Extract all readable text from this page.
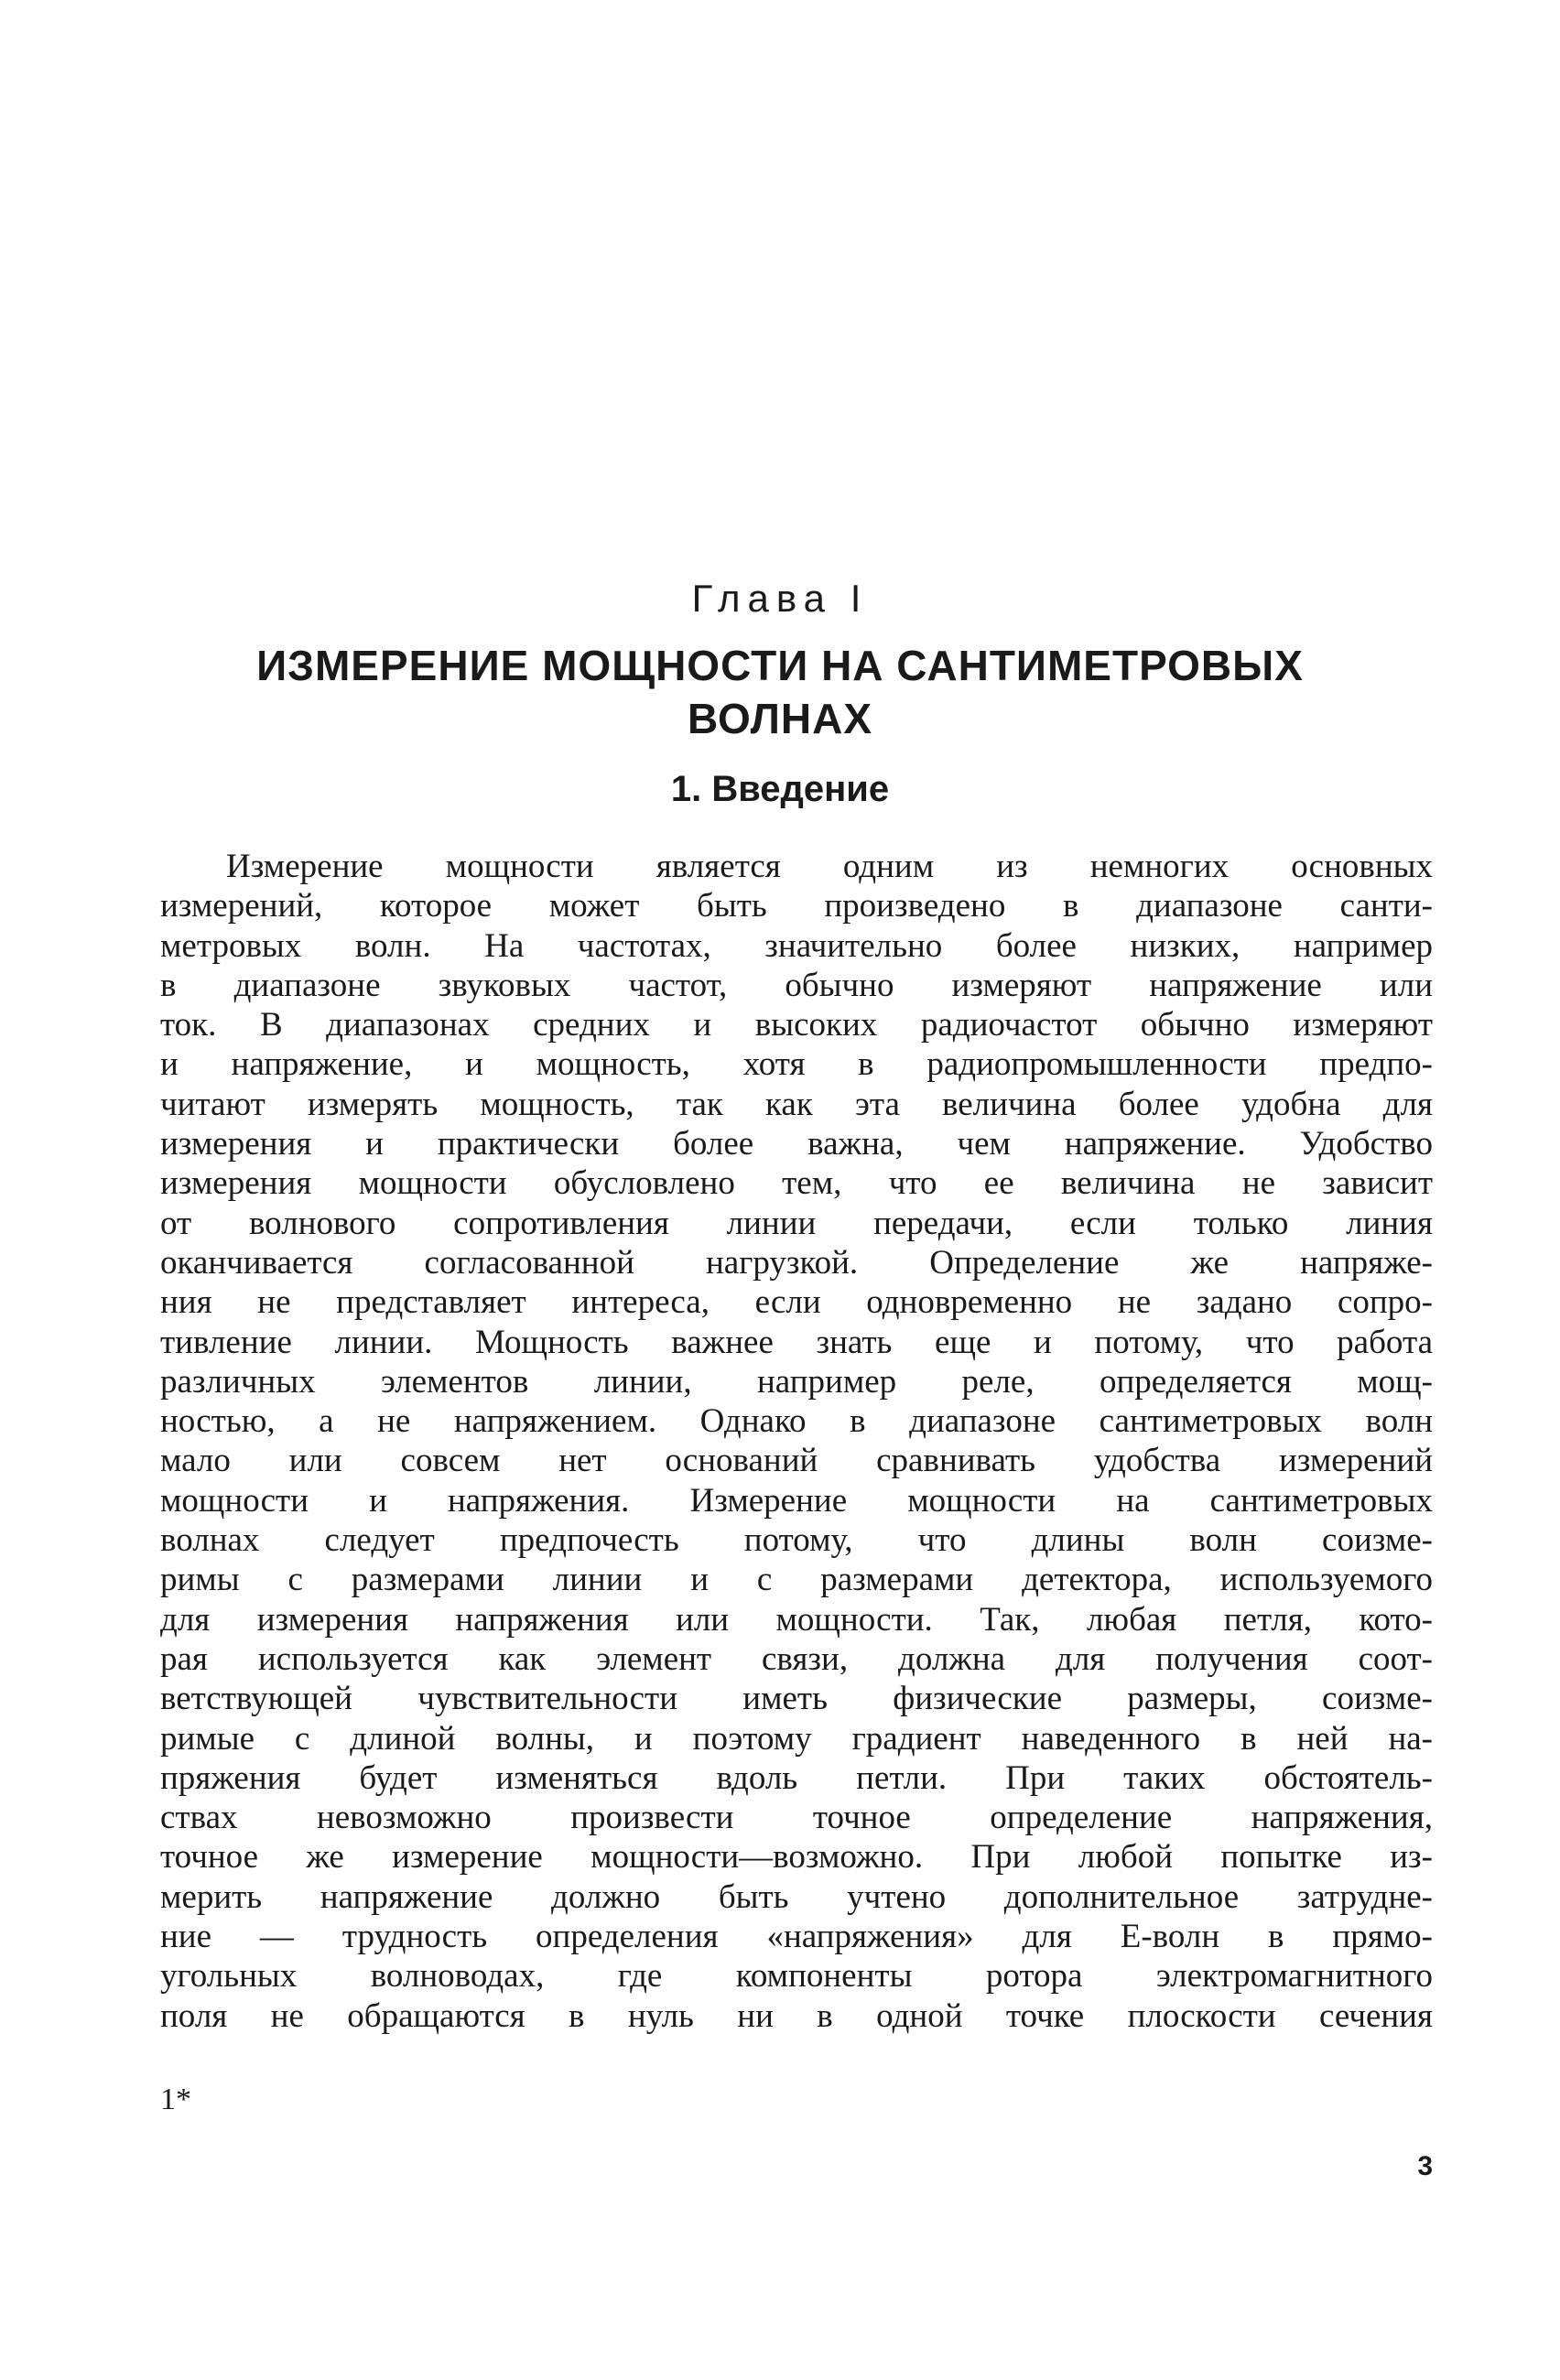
Глава I
ИЗМЕРЕНИЕ МОЩНОСТИ НА САНТИМЕТРОВЫХ
ВОЛНАХ
1. Введение
Измерение мощности является одним из немногих основных
измерений, которое может быть произведено в диапазоне санти-
метровых волн. На частотах, значительно более низких, например
в диапазоне звуковых частот, обычно измеряют напряжение или
ток. В диапазонах средних и высоких радиочастот обычно измеряют
и напряжение, и мощность, хотя в радиопромышленности предпо-
читают измерять мощность, так как эта величина более удобна для
измерения и практически более важна, чем напряжение. Удобство
измерения мощности обусловлено тем, что ее величина не зависит
от волнового сопротивления линии передачи, если только линия
оканчивается согласованной нагрузкой. Определение же напряже-
ния не представляет интереса, если одновременно не задано сопро-
тивление линии. Мощность важнее знать еще и потому, что работа
различных элементов линии, например реле, определяется мощ-
ностью, а не напряжением. Однако в диапазоне сантиметровых волн
мало или совсем нет оснований сравнивать удобства измерений
мощности и напряжения. Измерение мощности на сантиметровых
волнах следует предпочесть потому, что длины волн соизме-
римы с размерами линии и с размерами детектора, используемого
для измерения напряжения или мощности. Так, любая петля, кото-
рая используется как элемент связи, должна для получения соот-
ветствующей чувствительности иметь физические размеры, соизме-
римые с длиной волны, и поэтому градиент наведенного в ней на-
пряжения будет изменяться вдоль петли. При таких обстоятель-
ствах невозможно произвести точное определение напряжения,
точное же измерение мощности—возможно. При любой попытке из-
мерить напряжение должно быть учтено дополнительное затрудне-
ние — трудность определения «напряжения» для Е-волн в прямо-
угольных волноводах, где компоненты ротора электромагнитного
поля не обращаются в нуль ни в одной точке плоскости сечения
1*
3
